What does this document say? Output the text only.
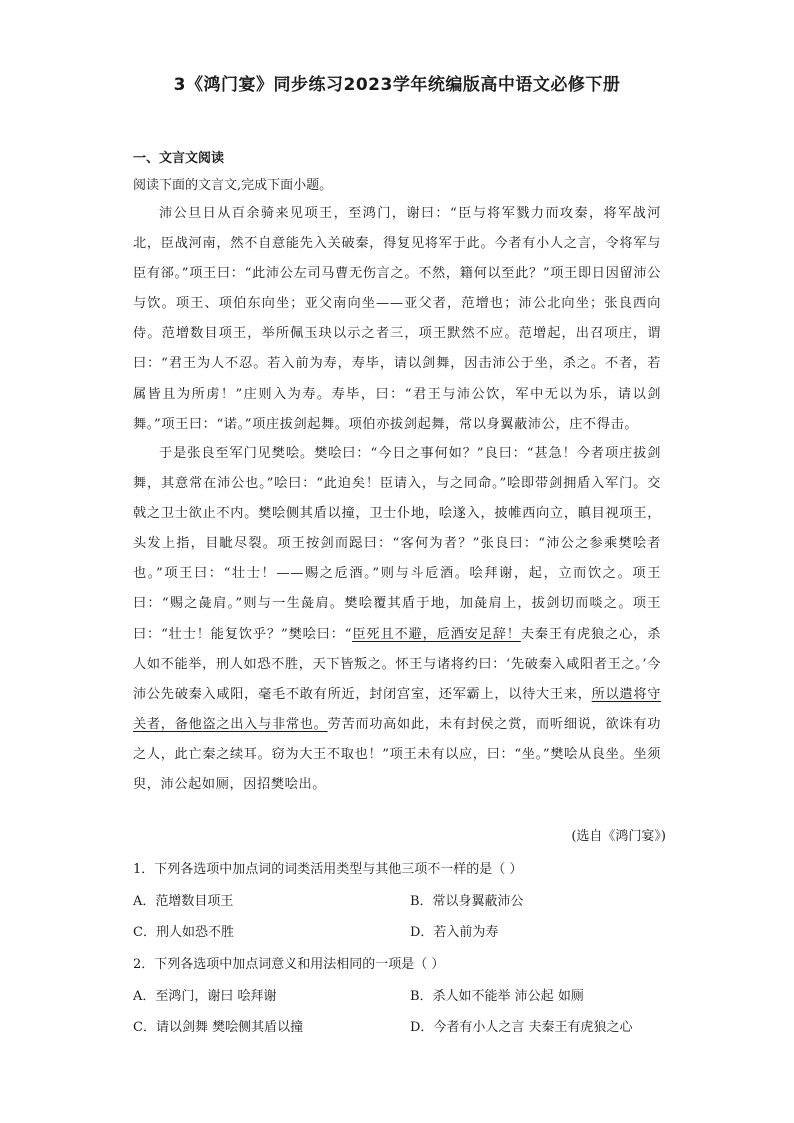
3《鸿门宴》同步练习2023学年统编版高中语文必修下册
一、文言文阅读
阅读下面的文言文,完成下面小题。

沛公旦日从百余骑来见项王，至鸿门，谢曰：“臣与将军戮力而攻秦，将军战河北，臣战河南，然不自意能先入关破秦，得复见将军于此。今者有小人之言，令将军与臣有郤。”项王曰：“此沛公左司马曹无伤言之。不然，籍何以至此？”项王即日因留沛公与饮。项王、项伯东向坐；亚父南向坐——亚父者，范增也；沛公北向坐；张良西向侍。范增数目项王，举所佩玉玦以示之者三，项王默然不应。范增起，出召项庄，谓曰：“君王为人不忍。若入前为寿，寿毕，请以剑舞，因击沛公于坐，杀之。不者，若属皆且为所虏！”庄则入为寿。寿毕，曰：“君王与沛公饮，军中无以为乐，请以剑舞。”项王曰：“诺。”项庄拔剑起舞。项伯亦拔剑起舞，常以身翼蔽沛公，庄不得击。

于是张良至军门见樊哙。樊哙曰：“今日之事何如？”良曰：“甚急！今者项庄拔剑舞，其意常在沛公也。”哙曰：“此迫矣！臣请入，与之同命。”哙即带剑拥盾入军门。交戟之卫士欲止不内。樊哙侧其盾以撞，卫士仆地，哙遂入，披帷西向立，瞋目视项王，头发上指，目眦尽裂。项王按剑而跽曰：“客何为者？”张良曰：“沛公之参乘樊哙者也。”项王曰：“壮士！——赐之卮酒。”则与斗卮酒。哙拜谢，起，立而饮之。项王曰：“赐之彘肩。”则与一生彘肩。樊哙覆其盾于地，加彘肩上，拔剑切而啖之。项王曰：“壮士！能复饮乎？”樊哙曰：“臣死且不避，卮酒安足辞！夫秦王有虎狼之心，杀人如不能举，刑人如恐不胜，天下皆叛之。怀王与诸将约曰：‘先破秦入咸阳者王之。’今沛公先破秦入咸阳，毫毛不敢有所近，封闭宫室，还军霸上，以待大王来，所以遣将守关者，备他盗之出入与非常也。劳苦而功高如此，未有封侯之赏，而听细说，欲诛有功之人，此亡秦之续耳。窃为大王不取也！”项王未有以应，曰：“坐。”樊哙从良坐。坐须臾，沛公起如厕，因招樊哙出。

(选自《鸿门宴》)
1．下列各选项中加点词的词类活用类型与其他三项不一样的是（ ）
A．范增数目项王	B．常以身翼蔽沛公
C．刑人如恐不胜	D．若入前为寿
2．下列各选项中加点词意义和用法相同的一项是（ ）
A．至鸿门，谢曰 哙拜谢	B．杀人如不能举 沛公起 如厕
C．请以剑舞 樊哙侧其盾以撞	D．今者有小人之言 夫秦王有虎狼之心
